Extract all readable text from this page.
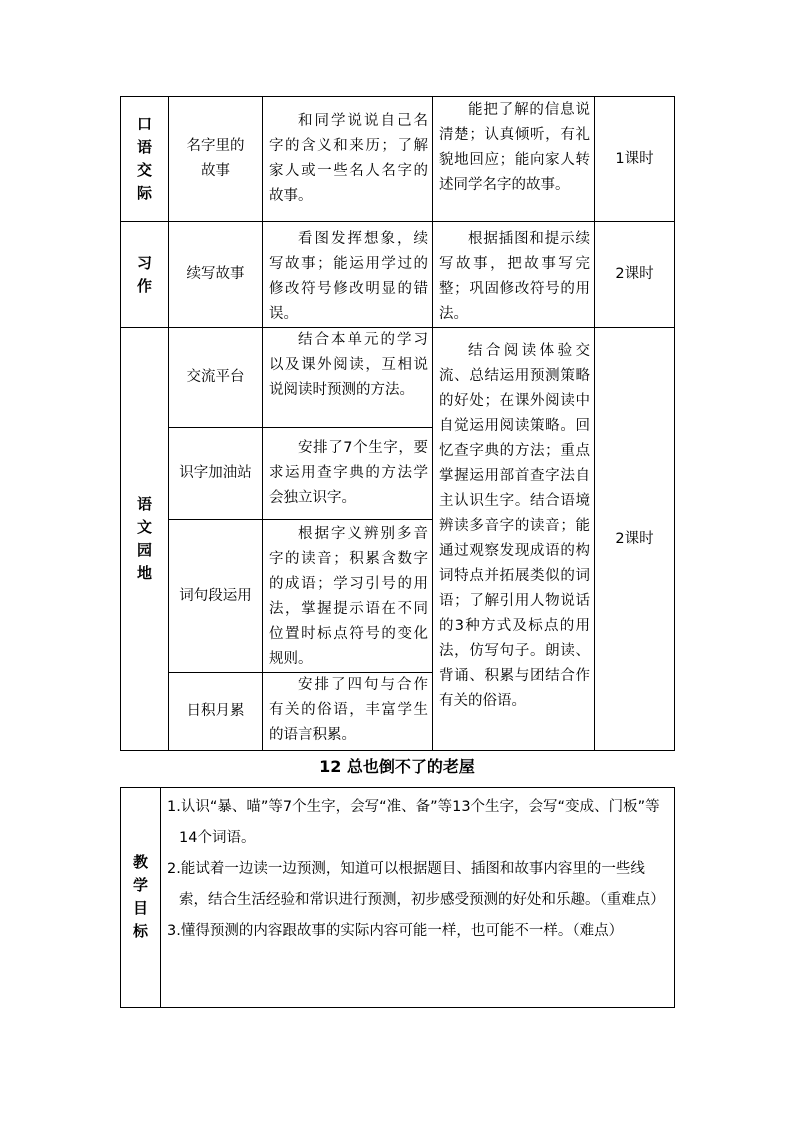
口语交际	名字里的故事	和同学说说自己名字的含义和来历；了解家人或一些名人名字的故事。	能把了解的信息说清楚；认真倾听，有礼貌地回应；能向家人转述同学名字的故事。	1课时
习作	续写故事	看图发挥想象，续写故事；能运用学过的修改符号修改明显的错误。	根据插图和提示续写故事，把故事写完整；巩固修改符号的用法。	2课时
语文园地	交流平台	结合本单元的学习以及课外阅读，互相说说阅读时预测的方法。	结合阅读体验交流、总结运用预测策略的好处；在课外阅读中自觉运用阅读策略。回忆查字典的方法；重点掌握运用部首查字法自主认识生字。结合语境辨读多音字的读音；能通过观察发现成语的构词特点并拓展类似的词语；了解引用人物说话的3种方式及标点的用法，仿写句子。朗读、背诵、积累与团结合作有关的俗语。	2课时
	识字加油站	安排了7个生字，要求运用查字典的方法学会独立识字。		

	词句段运用	根据字义辨别多音字的读音；积累含数字的成语；学习引号的用法，掌握提示语在不同位置时标点符号的变化规则。		

	日积月累	安排了四句与合作有关的俗语，丰富学生的语言积累。		
12 总也倒不了的老屋
教学目标	
1.认识“暴、喵”等7个生字，会写“准、备”等13个生字，会写“变成、门板”等14个词语。
2.能试着一边读一边预测，知道可以根据题目、插图和故事内容里的一些线索，结合生活经验和常识进行预测，初步感受预测的好处和乐趣。（重难点）
3.懂得预测的内容跟故事的实际内容可能一样，也可能不一样。（难点）
